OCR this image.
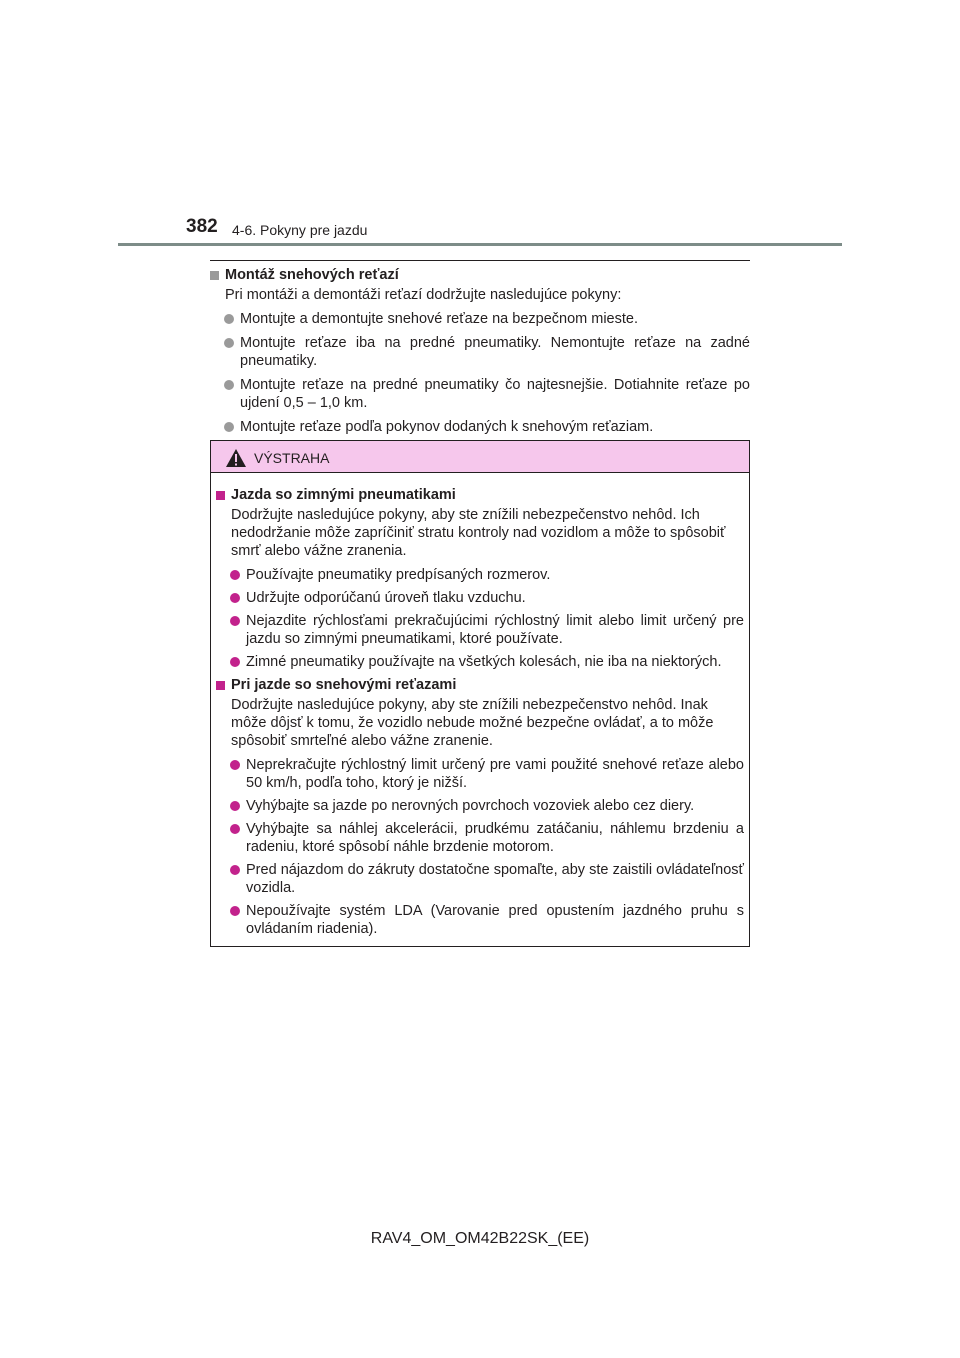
382 4-6. Pokyny pre jazdu
Montáž snehových reťazí
Pri montáži a demontáži reťazí dodržujte nasledujúce pokyny:
Montujte a demontujte snehové reťaze na bezpečnom mieste.
Montujte reťaze iba na predné pneumatiky. Nemontujte reťaze na zadné pneumatiky.
Montujte reťaze na predné pneumatiky čo najtesnejšie. Dotiahnite reťaze po ujdení 0,5 – 1,0 km.
Montujte reťaze podľa pokynov dodaných k snehovým reťaziam.
VÝSTRAHA
Jazda so zimnými pneumatikami
Dodržujte nasledujúce pokyny, aby ste znížili nebezpečenstvo nehôd. Ich nedodržanie môže zapríčiniť stratu kontroly nad vozidlom a môže to spôsobiť smrť alebo vážne zranenia.
Používajte pneumatiky predpísaných rozmerov.
Udržujte odporúčanú úroveň tlaku vzduchu.
Nejazdite rýchlosťami prekračujúcimi rýchlostný limit alebo limit určený pre jazdu so zimnými pneumatikami, ktoré používate.
Zimné pneumatiky používajte na všetkých kolesách, nie iba na niektorých.
Pri jazde so snehovými reťazami
Dodržujte nasledujúce pokyny, aby ste znížili nebezpečenstvo nehôd. Inak môže dôjsť k tomu, že vozidlo nebude možné bezpečne ovládať, a to môže spôsobiť smrteľné alebo vážne zranenie.
Neprekračujte rýchlostný limit určený pre vami použité snehové reťaze alebo 50 km/h, podľa toho, ktorý je nižší.
Vyhýbajte sa jazde po nerovných povrchoch vozoviek alebo cez diery.
Vyhýbajte sa náhlej akcelerácii, prudkému zatáčaniu, náhlemu brzdeniu a radeniu, ktoré spôsobí náhle brzdenie motorom.
Pred nájazdom do zákruty dostatočne spomaľte, aby ste zaistili ovládateľnosť vozidla.
Nepoužívajte systém LDA (Varovanie pred opustením jazdného pruhu s ovládaním riadenia).
RAV4_OM_OM42B22SK_(EE)
